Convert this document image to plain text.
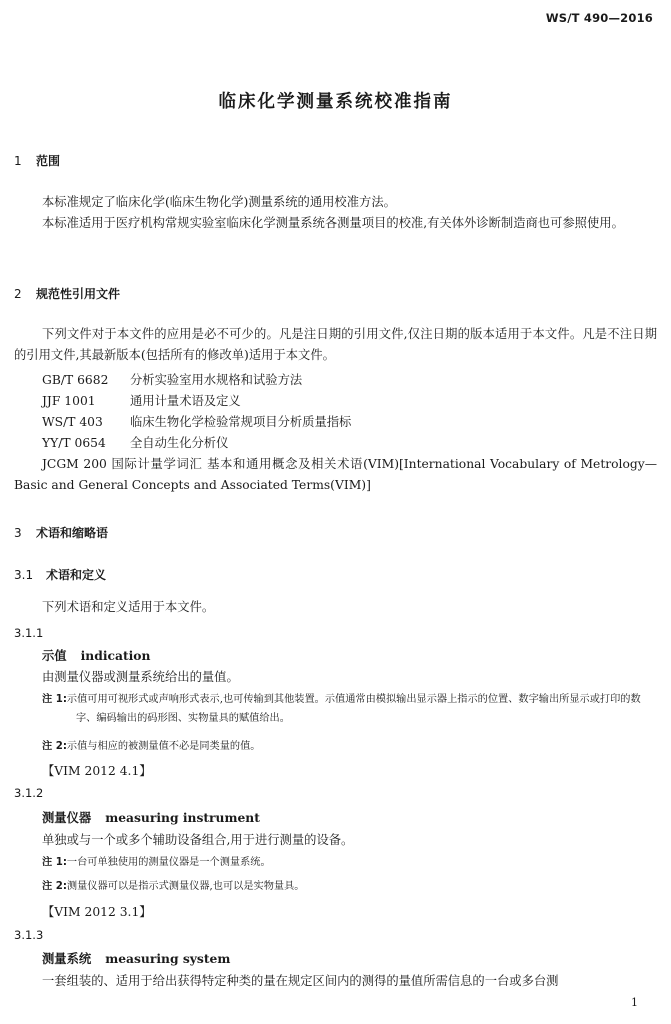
WS/T 490—2016
临床化学测量系统校准指南
1 范围
本标准规定了临床化学(临床生物化学)测量系统的通用校准方法。
本标准适用于医疗机构常规实验室临床化学测量系统各测量项目的校准,有关体外诊断制造商也可参照使用。
2 规范性引用文件
下列文件对于本文件的应用是必不可少的。凡是注日期的引用文件,仅注日期的版本适用于本文件。凡是不注日期的引用文件,其最新版本(包括所有的修改单)适用于本文件。
GB/T 6682 分析实验室用水规格和试验方法
JJF 1001	通用计量术语及定义
WS/T 403 临床生物化学检验常规项目分析质量指标
YY/T 0654 全自动生化分析仪
JCGM 200 国际计量学词汇 基本和通用概念及相关术语(VIM)[International Vocabulary of Metrology—Basic and General Concepts and Associated Terms(VIM)]
3 术语和缩略语
3.1 术语和定义
下列术语和定义适用于本文件。
3.1.1
示值 indication
由测量仪器或测量系统给出的量值。
注 1:示值可用可视形式或声响形式表示,也可传输到其他装置。示值通常由模拟输出显示器上指示的位置、数字输出所显示或打印的数字、编码输出的码形图、实物量具的赋值给出。
注 2:示值与相应的被测量值不必是同类量的值。
【VIM 2012 4.1】
3.1.2
测量仪器 measuring instrument
单独或与一个或多个辅助设备组合,用于进行测量的设备。
注 1:一台可单独使用的测量仪器是一个测量系统。
注 2:测量仪器可以是指示式测量仪器,也可以是实物量具。
【VIM 2012 3.1】
3.1.3
测量系统 measuring system
一套组装的、适用于给出获得特定种类的量在规定区间内的测得的量值所需信息的一台或多台测
1
